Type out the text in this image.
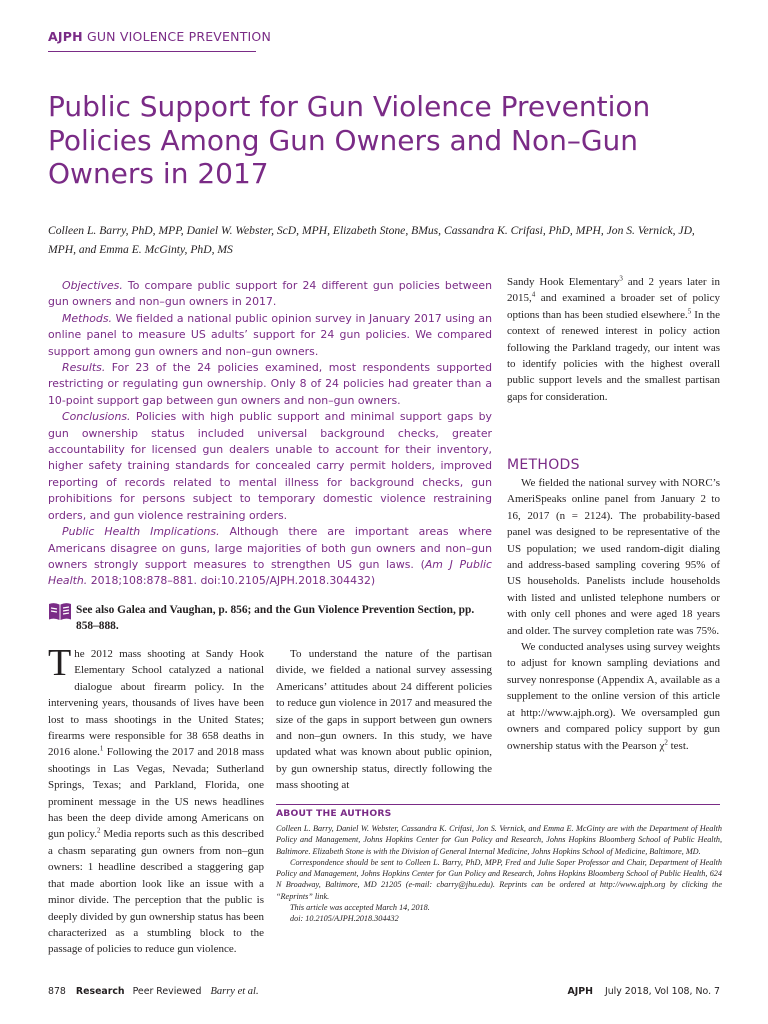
AJPH GUN VIOLENCE PREVENTION
Public Support for Gun Violence Prevention Policies Among Gun Owners and Non–Gun Owners in 2017
Colleen L. Barry, PhD, MPP, Daniel W. Webster, ScD, MPH, Elizabeth Stone, BMus, Cassandra K. Crifasi, PhD, MPH, Jon S. Vernick, JD, MPH, and Emma E. McGinty, PhD, MS

Objectives. To compare public support for 24 different gun policies between gun owners and non–gun owners in 2017.

Methods. We fielded a national public opinion survey in January 2017 using an online panel to measure US adults’ support for 24 gun policies. We compared support among gun owners and non–gun owners.

Results. For 23 of the 24 policies examined, most respondents supported restricting or regulating gun ownership. Only 8 of 24 policies had greater than a 10-point support gap between gun owners and non–gun owners.

Conclusions. Policies with high public support and minimal support gaps by gun ownership status included universal background checks, greater accountability for licensed gun dealers unable to account for their inventory, higher safety training standards for concealed carry permit holders, improved reporting of records related to mental illness for background checks, gun prohibitions for persons subject to temporary domestic violence restraining orders, and gun violence restraining orders.

Public Health Implications. Although there are important areas where Americans disagree on guns, large majorities of both gun owners and non–gun owners strongly support measures to strengthen US gun laws. (Am J Public Health. 2018;108:878–881. doi:10.2105/AJPH.2018.304432)

See also Galea and Vaughan, p. 856; and the Gun Violence Prevention Section, pp. 858–888.

The 2012 mass shooting at Sandy Hook Elementary School catalyzed a national dialogue about firearm policy. In the intervening years, thousands of lives have been lost to mass shootings in the United States; firearms were responsible for 38 658 deaths in 2016 alone.$^1$ Following the 2017 and 2018 mass shootings in Las Vegas, Nevada; Sutherland Springs, Texas; and Parkland, Florida, one prominent message in the US news headlines has been the deep divide among Americans on gun policy.$^2$ Media reports such as this described a chasm separating gun owners from non–gun owners: 1 headline described a staggering gap that made abortion look like an issue with a minor divide. The perception that the public is deeply divided by gun ownership status has been characterized as a stumbling block to the passage of policies to reduce gun violence.

To understand the nature of the partisan divide, we fielded a national survey assessing Americans’ attitudes about 24 different policies to reduce gun violence in 2017 and measured the size of the gaps in support between gun owners and non–gun owners. In this study, we have updated what was known about public opinion, by gun ownership status, directly following the mass shooting at

Sandy Hook Elementary$^3$ and 2 years later in 2015,$^4$ and examined a broader set of policy options than has been studied elsewhere.$^5$ In the context of renewed interest in policy action following the Parkland tragedy, our intent was to identify policies with the highest overall public support levels and the smallest partisan gaps for consideration.

METHODS

We fielded the national survey with NORC’s AmeriSpeaks online panel from January 2 to 16, 2017 (n = 2124). The probability-based panel was designed to be representative of the US population; we used random-digit dialing and address-based sampling covering 95% of US households. Panelists include households with listed and unlisted telephone numbers or with only cell phones and were aged 18 years and older. The survey completion rate was 75%.

We conducted analyses using survey weights to adjust for known sampling deviations and survey nonresponse (Appendix A, available as a supplement to the online version of this article at http://www.ajph.org). We oversampled gun owners and compared policy support by gun ownership status with the Pearson $\chi^2$ test.

ABOUT THE AUTHORS

Colleen L. Barry, Daniel W. Webster, Cassandra K. Crifasi, Jon S. Vernick, and Emma E. McGinty are with the Department of Health Policy and Management, Johns Hopkins Center for Gun Policy and Research, Johns Hopkins Bloomberg School of Public Health, Baltimore. Elizabeth Stone is with the Division of General Internal Medicine, Johns Hopkins School of Medicine, Baltimore, MD.

Correspondence should be sent to Colleen L. Barry, PhD, MPP, Fred and Julie Soper Professor and Chair, Department of Health Policy and Management, Johns Hopkins Center for Gun Policy and Research, Johns Hopkins Bloomberg School of Public Health, 624 N Broadway, Baltimore, MD 21205 (e-mail: cbarry@jhu.edu). Reprints can be ordered at http://www.ajph.org by clicking the “Reprints” link.

This article was accepted March 14, 2018.

doi: 10.2105/AJPH.2018.304432

878 Research Peer Reviewed Barry et al.	AJPH July 2018, Vol 108, No. 7
